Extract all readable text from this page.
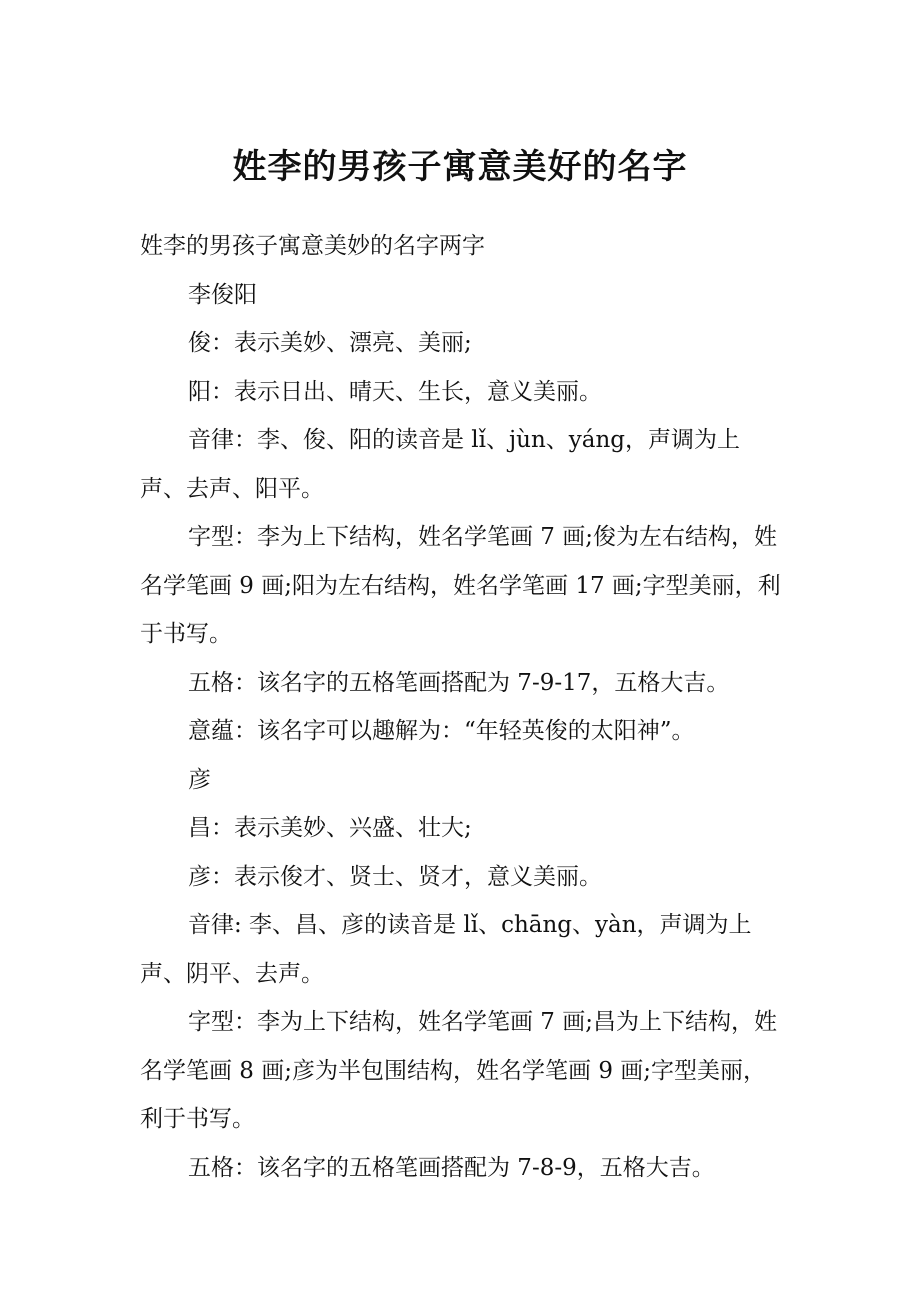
姓李的男孩子寓意美好的名字

姓李的男孩子寓意美妙的名字两字

李俊阳

俊：表示美妙、漂亮、美丽;

阳：表示日出、晴天、生长，意义美丽。

音律：李、俊、阳的读音是 lǐ、jùn、yáng，声调为上声、去声、阳平。

字型：李为上下结构，姓名学笔画 7 画;俊为左右结构，姓名学笔画 9 画;阳为左右结构，姓名学笔画 17 画;字型美丽，利于书写。

五格：该名字的五格笔画搭配为 7-9-17，五格大吉。

意蕴：该名字可以趣解为：“年轻英俊的太阳神”。

彦

昌：表示美妙、兴盛、壮大;

彦：表示俊才、贤士、贤才，意义美丽。

音律: 李、昌、彦的读音是 lǐ、chāng、yàn，声调为上声、阴平、去声。

字型：李为上下结构，姓名学笔画 7 画;昌为上下结构，姓名学笔画 8 画;彦为半包围结构，姓名学笔画 9 画;字型美丽，利于书写。

五格：该名字的五格笔画搭配为 7-8-9，五格大吉。
